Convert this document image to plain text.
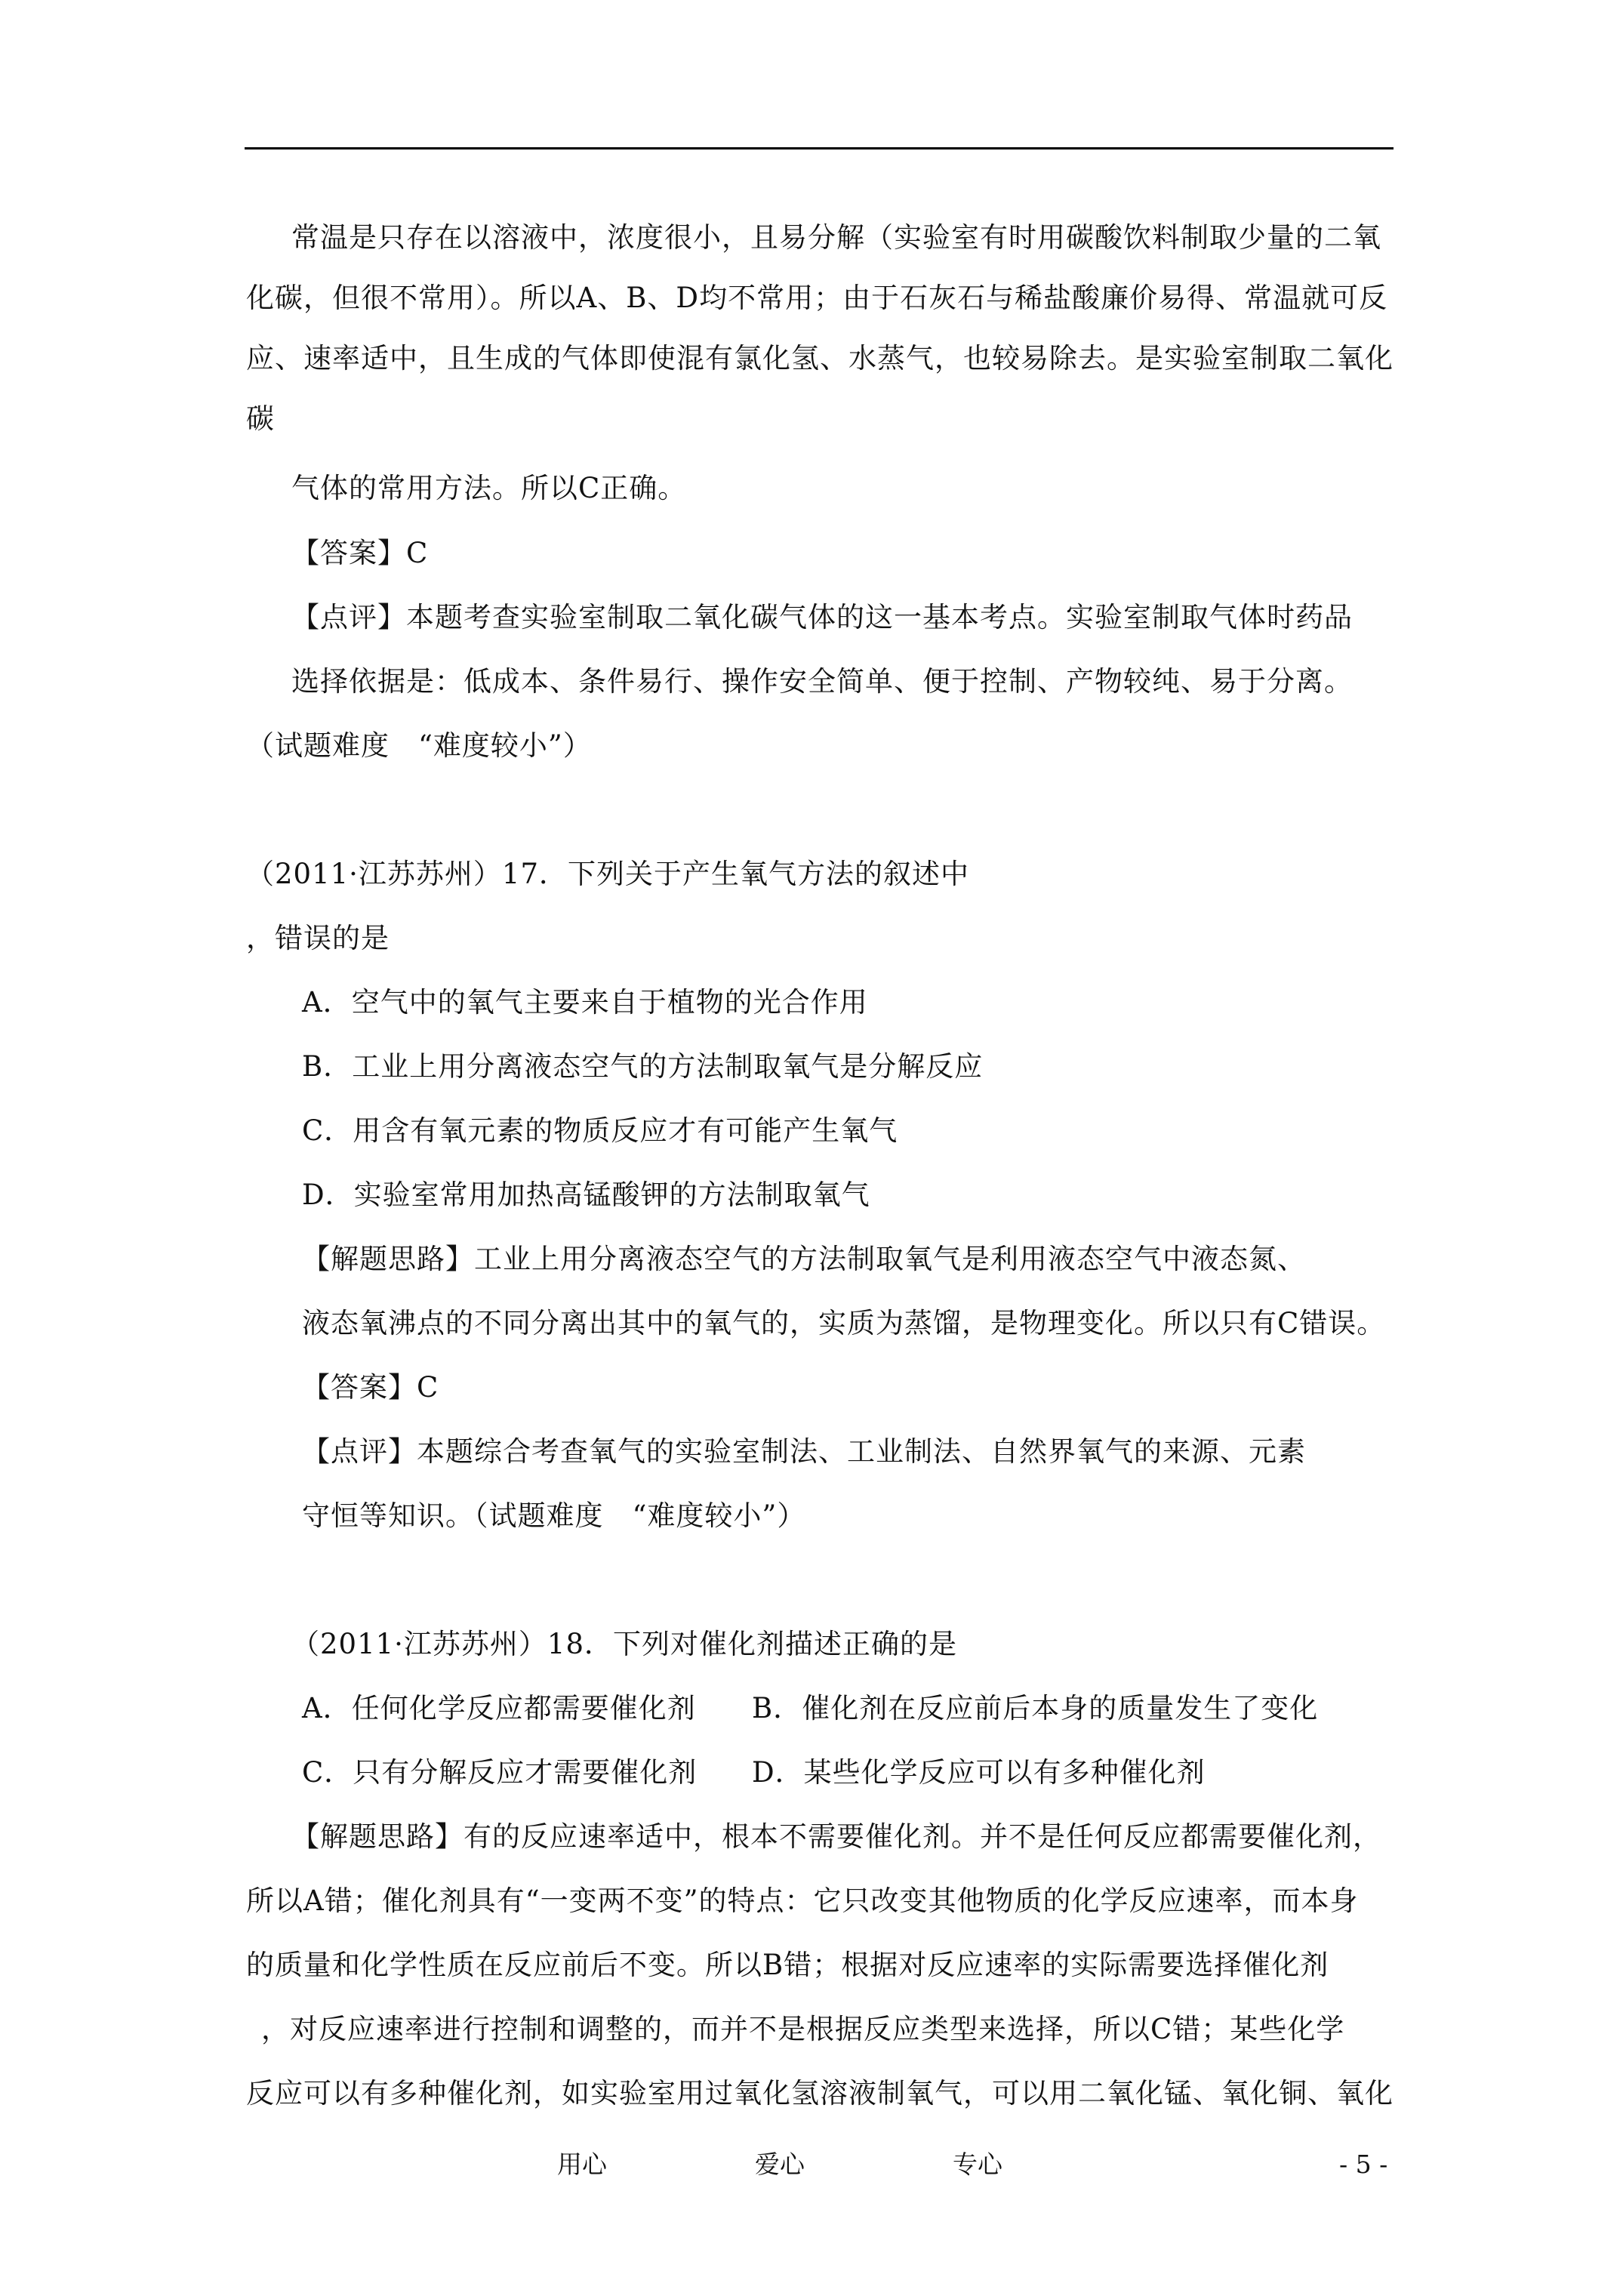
常温是只存在以溶液中，浓度很小，且易分解（实验室有时用碳酸饮料制取少量的二氧
化碳，但很不常用）。所以A、B、D均不常用；由于石灰石与稀盐酸廉价易得、常温就可反
应、速率适中，且生成的气体即使混有氯化氢、水蒸气，也较易除去。是实验室制取二氧化
碳
气体的常用方法。所以C正确。
【答案】C
【点评】本题考查实验室制取二氧化碳气体的这一基本考点。实验室制取气体时药品
选择依据是：低成本、条件易行、操作安全简单、便于控制、产物较纯、易于分离。
（试题难度　“难度较小”）
（2011·江苏苏州）17．下列关于产生氧气方法的叙述中
，错误的是
A．空气中的氧气主要来自于植物的光合作用
B．工业上用分离液态空气的方法制取氧气是分解反应
C．用含有氧元素的物质反应才有可能产生氧气
D．实验室常用加热高锰酸钾的方法制取氧气
【解题思路】工业上用分离液态空气的方法制取氧气是利用液态空气中液态氮、
液态氧沸点的不同分离出其中的氧气的，实质为蒸馏，是物理变化。所以只有C错误。
【答案】C
【点评】本题综合考查氧气的实验室制法、工业制法、自然界氧气的来源、元素
守恒等知识。（试题难度　“难度较小”）
（2011·江苏苏州）18．下列对催化剂描述正确的是
A．任何化学反应都需要催化剂 B．催化剂在反应前后本身的质量发生了变化
C．只有分解反应才需要催化剂 D．某些化学反应可以有多种催化剂
【解题思路】有的反应速率适中，根本不需要催化剂。并不是任何反应都需要催化剂，
所以A错；催化剂具有“一变两不变”的特点：它只改变其他物质的化学反应速率，而本身
的质量和化学性质在反应前后不变。所以B错；根据对反应速率的实际需要选择催化剂
，对反应速率进行控制和调整的，而并不是根据反应类型来选择，所以C错；某些化学
反应可以有多种催化剂，如实验室用过氧化氢溶液制氧气，可以用二氧化锰、氧化铜、氧化
用心	爱心	专心	- 5 -
